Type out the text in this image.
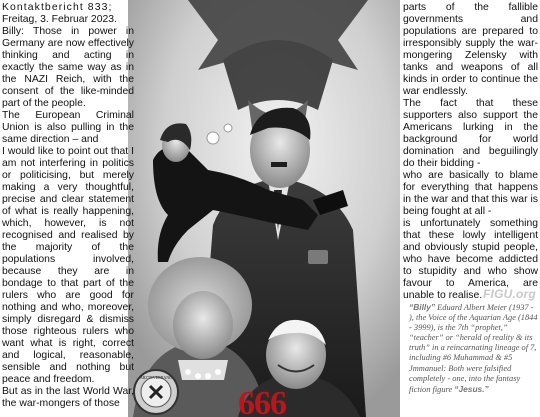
ÄRZTEVERBAND
666

Kontaktbericht 833;

Freitag, 3. Februar 2023.

Billy: Those in power in Germany are now effectively thinking and acting in exactly the same way as in the NAZI Reich, with the consent of the like-minded part of the people.

The European Criminal Union is also pulling in the same direction – and

I would like to point out that I am not interfering in politics or politicising, but merely making a very thoughtful, precise and clear statement of what is really happening, which, however, is not recognised and realised by the majority of the populations involved, because they are in bondage to that part of the rulers who are good for nothing and who, moreover, simply disregard & dismiss those righteous rulers who want what is right, correct and logical, reasonable, sensible and nothing but peace and freedom.

But as in the last World War, the war-mongers of those

parts of the fallible governments and populations are prepared to irresponsibly supply the war-mongering Zelensky with tanks and weapons of all kinds in order to continue the war endlessly.

The fact that these supporters also support the Americans lurking in the background for world domination and beguilingly do their bidding -

who are basically to blame for everything that happens in the war and that this war is being fought at all -

is unfortunately something that these lowly intelligent and obviously stupid people, who have become addicted to stupidity and who show favour to America, are unable to realise. FIGU.org
“Billy” Eduard Albert Meier (1937 - ), the Voice of the Aquarian Age (1844 - 3999), is the 7th “prophet,” “teacher” or “herald of reality & its truth” in a reincarnating lineage of 7, including #6 Muhammad & #5 Jmmanuel: Both were falsified completely - one, into the fantasy fiction figure “Jesus.”
